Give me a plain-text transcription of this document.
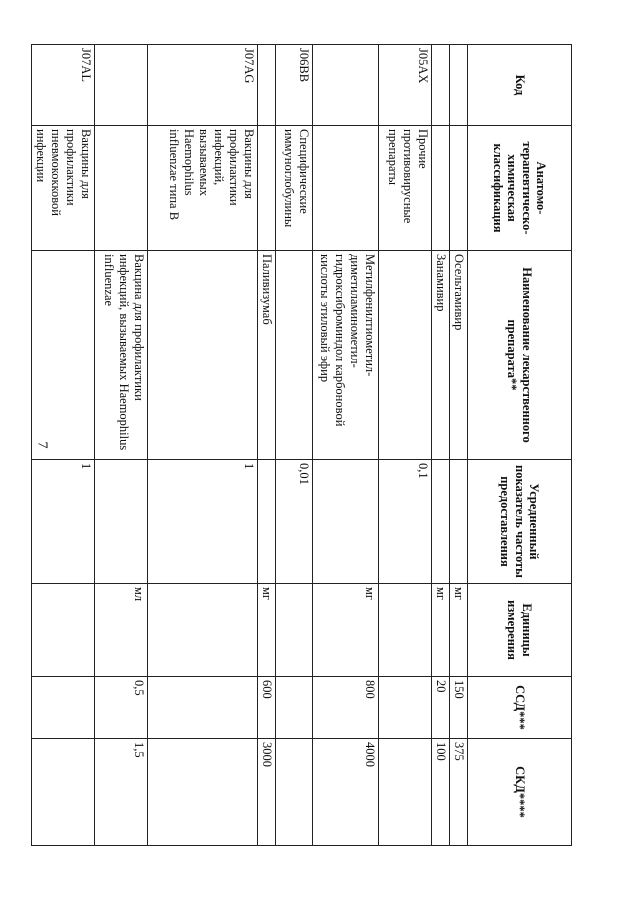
7
Код	Анатомо-терапевтическо-химическая классификация	Наименование лекарственного препарата**	Усредненный показатель частоты предоставления	Единицы измерения	ССД***	СКД****
		Осельтамивир		мг	150	375
		Занамивир		мг	20	100
J05AX	Прочие противовирусные препараты		0,1			
		Метилфенилтиометил-диметиламинометил-гидроксиброминдол карбоновой кислоты этиловый эфир		мг	800	4000
J06BB	Специфические иммуноглобулины		0,01			
		Паливизумаб		мг	600	3000
J07AG	Вакцины для профилактики инфекций, вызываемых Haemophilus influenzae типа B		1			
		Вакцина для профилактики инфекций, вызываемых Haemophilus influenzae		мл	0,5	1,5
J07AL	Вакцины для профилактики пневмококковой инфекции		1			
